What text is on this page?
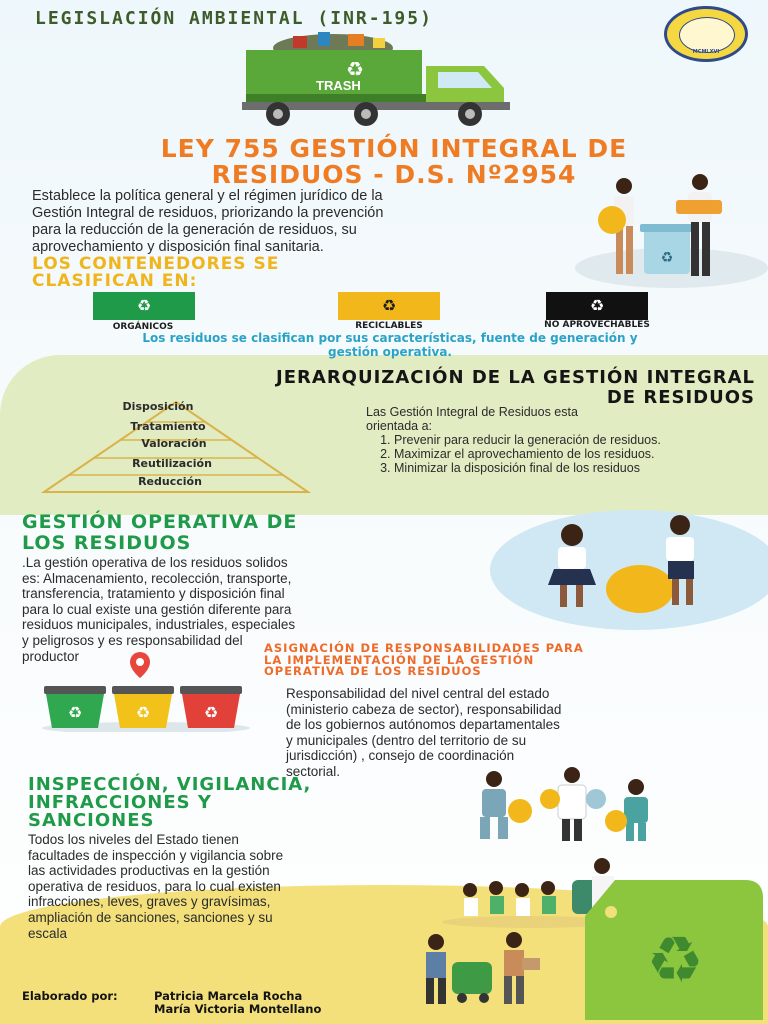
LEGISLACIÓN AMBIENTAL (INR-195)
MCMLXVI
♻
TRASH
LEY 755 GESTIÓN INTEGRAL DE
RESIDUOS - D.S. Nº2954
Establece la política general y el régimen jurídico de la
Gestión Integral de residuos, priorizando la prevención
para la reducción de la generación de residuos, su
aprovechamiento y disposición final sanitaria.
♻
LOS CONTENEDORES SE
CLASIFICAN EN:
♻
ORGÁNICOS
♻
RECICLABLES
♻
NO APROVECHABLES
Los residuos se clasifican por sus características, fuente de generación y
gestión operativa.
JERARQUIZACIÓN DE LA GESTIÓN INTEGRAL
DE RESIDUOS
Disposición
Tratamiento
Valoración
Reutilización
Reducción
Las Gestión Integral de Residuos esta
orientada a:
1. Prevenir para reducir la generación de residuos.
2. Maximizar el aprovechamiento de los residuos.
3. Minimizar la disposición final de los residuos
GESTIÓN OPERATIVA DE
LOS RESIDUOS
.La gestión operativa de los residuos solidos
es: Almacenamiento, recolección, transporte,
transferencia, tratamiento y disposición final
para lo cual existe una gestión diferente para
residuos municipales, industriales, especiales
y peligrosos y es responsabilidad del
productor
♻	♻	♻
ASIGNACIÓN DE RESPONSABILIDADES PARA
LA IMPLEMENTACIÓN DE LA GESTIÓN
OPERATIVA DE LOS RESIDUOS
Responsabilidad del nivel central del estado
(ministerio cabeza de sector), responsabilidad
de los gobiernos autónomos departamentales
y municipales (dentro del territorio de su
jurisdicción) , consejo de coordinación
sectorial.
INSPECCIÓN, VIGILANCIA,
INFRACCIONES Y
SANCIONES
Todos los niveles del Estado tienen
facultades de inspección y vigilancia sobre
las actividades productivas en la gestión
operativa de residuos, para lo cual existen
infracciones, leves, graves y gravísimas,
ampliación de sanciones, sanciones y su
escala	♻
Elaborado por:	Patricia Marcela Rocha
María Victoria Montellano
